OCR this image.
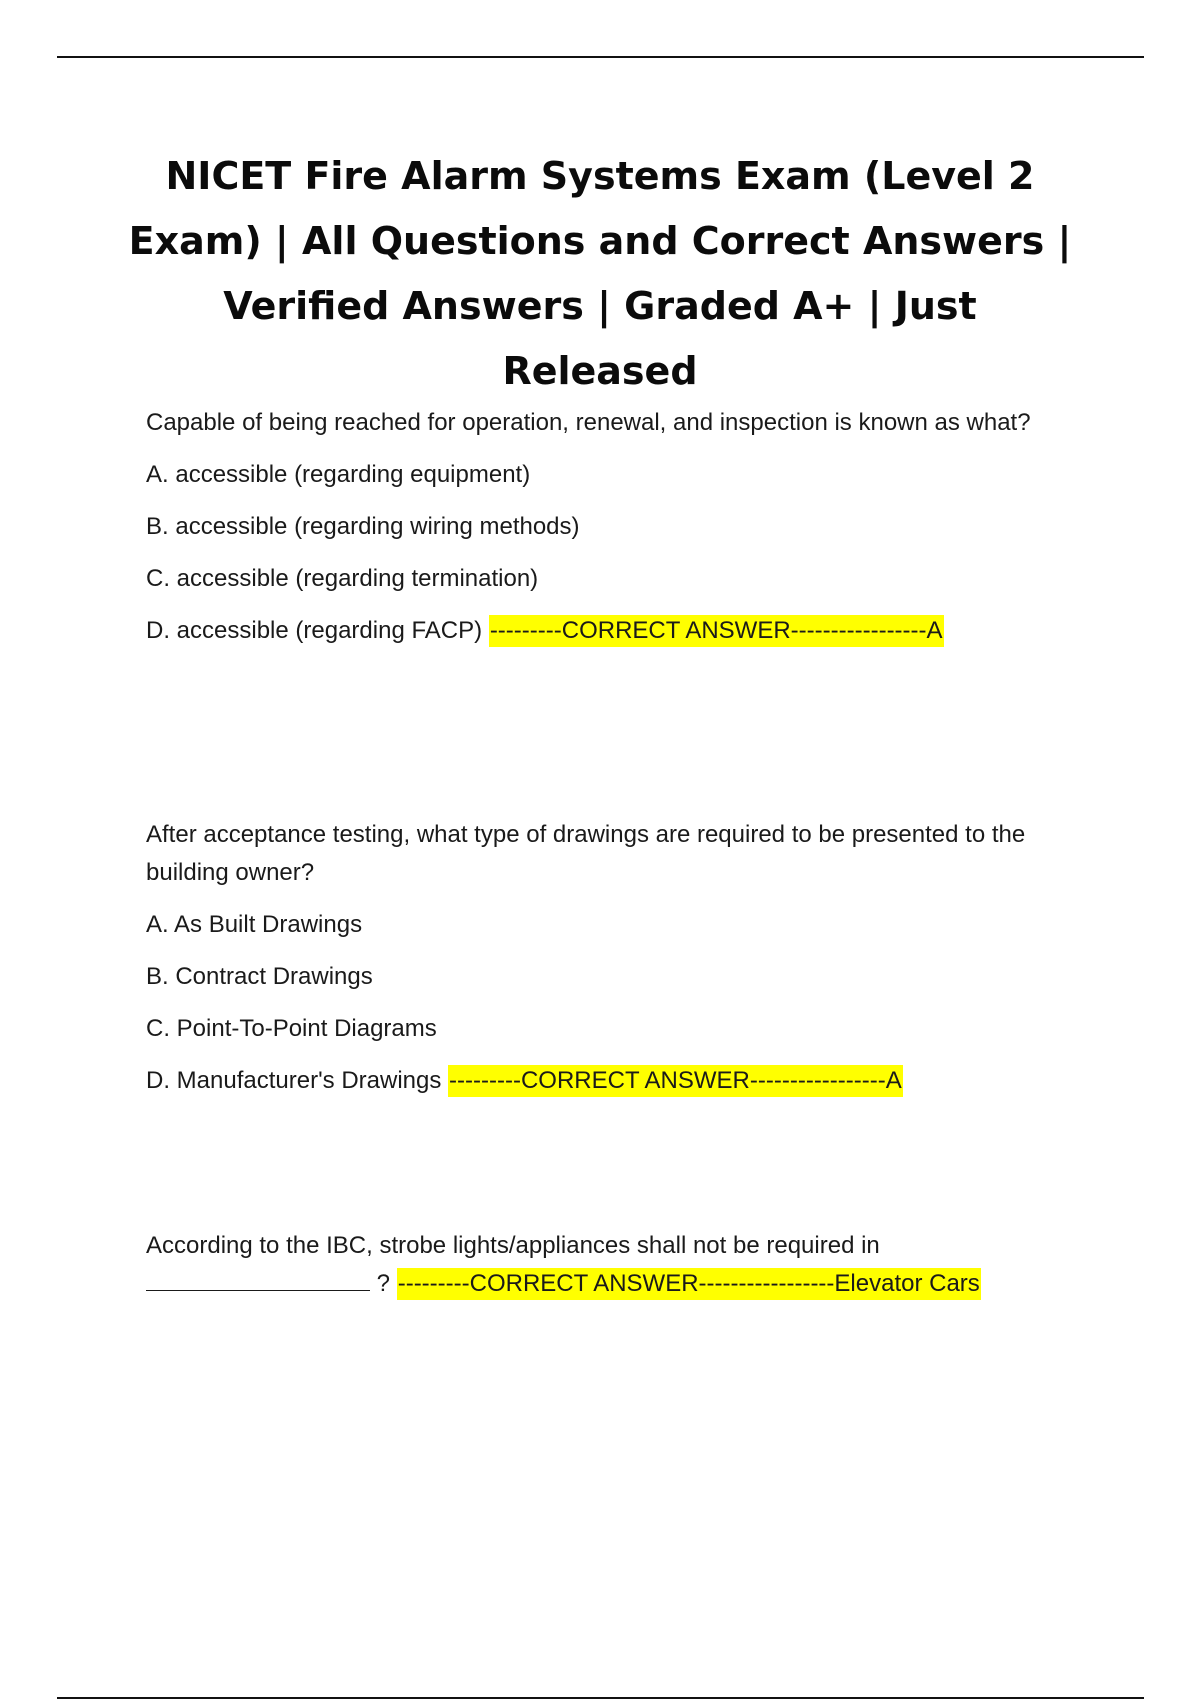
NICET Fire Alarm Systems Exam (Level 2 Exam) | All Questions and Correct Answers | Verified Answers | Graded A+ | Just Released

Capable of being reached for operation, renewal, and inspection is known as what?

A. accessible (regarding equipment)
B. accessible (regarding wiring methods)
C. accessible (regarding termination)
D. accessible (regarding FACP) ---------CORRECT ANSWER-----------------A

After acceptance testing, what type of drawings are required to be presented to the building owner?

A. As Built Drawings
B. Contract Drawings
C. Point-To-Point Diagrams
D. Manufacturer's Drawings ---------CORRECT ANSWER-----------------A

According to the IBC, strobe lights/appliances shall not be required in
? ---------CORRECT ANSWER-----------------Elevator Cars
